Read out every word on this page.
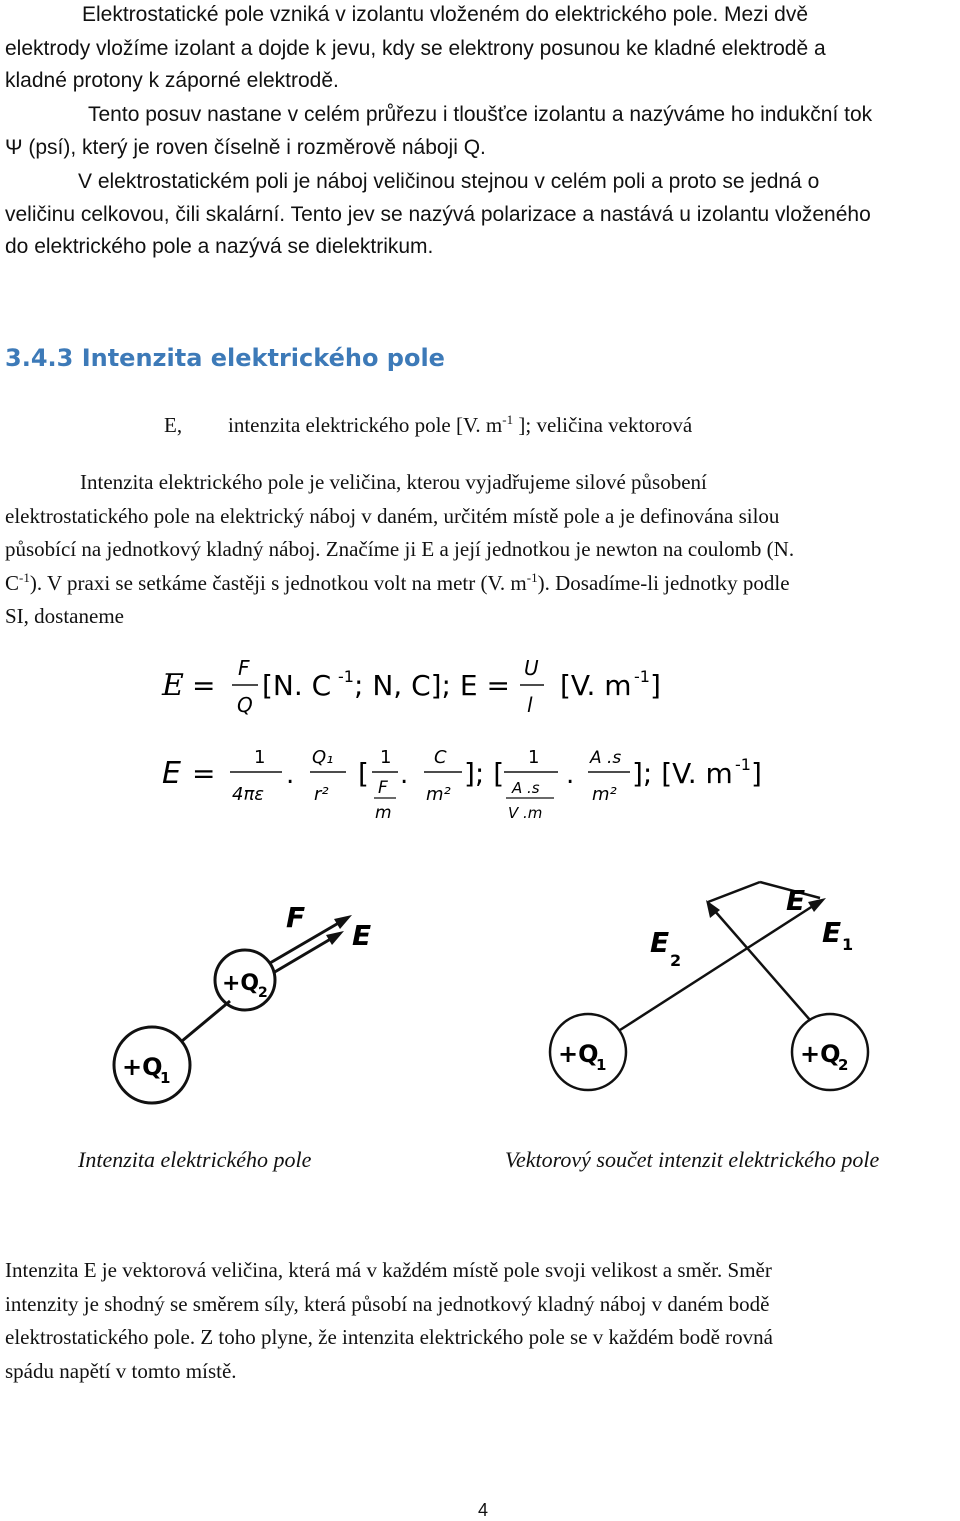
Elektrostatické pole vzniká v izolantu vloženém do elektrického pole. Mezi dvě
elektrody vložíme izolant a dojde k jevu, kdy se elektrony posunou ke kladné elektrodě a
kladné protony k záporné elektrodě.
Tento posuv nastane v celém průřezu i tloušťce izolantu a nazýváme ho indukční tok
Ψ (psí), který je roven číselně i rozměrově náboji Q.
V elektrostatickém poli je náboj veličinou stejnou v celém poli a proto se jedná o
veličinu celkovou, čili skalární. Tento jev se nazývá polarizace a nastává u izolantu vloženého
do elektrického pole a nazývá se dielektrikum.
3.4.3 Intenzita elektrického pole
E, intenzita elektrického pole [V. $m^{-1}$ ]; veličina vektorová
Intenzita elektrického pole je veličina, kterou vyjadřujeme silové působení
elektrostatického pole na elektrický náboj v daném, určitém místě pole a je definována silou
působící na jednotkový kladný náboj. Značíme ji E a její jednotkou je newton na coulomb (N.
$C^{-1}$). V praxi se setkáme častěji s jednotkou volt na metr (V. $m^{-1}$). Dosadíme-li jednotky podle
SI, dostaneme
E =
F
Q
[N. C -1 ; N, C]; E =
U
l
[V. m -1 ]
E = 1
4πε
.
Q₁
r²
[ 1
F
m
.
C
m²
]; [ 1
A .s
V .m
.
A .s
m²
]; [V. m -1 ]
F
E
+Q
2
+Q
1
E
E 1
E
2
+Q
1	+Q
2
Intenzita elektrického pole	Vektorový součet intenzit elektrického pole
Intenzita E je vektorová veličina, která má v každém místě pole svoji velikost a směr. Směr
intenzity je shodný se směrem síly, která působí na jednotkový kladný náboj v daném bodě
elektrostatického pole. Z toho plyne, že intenzita elektrického pole se v každém bodě rovná
spádu napětí v tomto místě.
4
